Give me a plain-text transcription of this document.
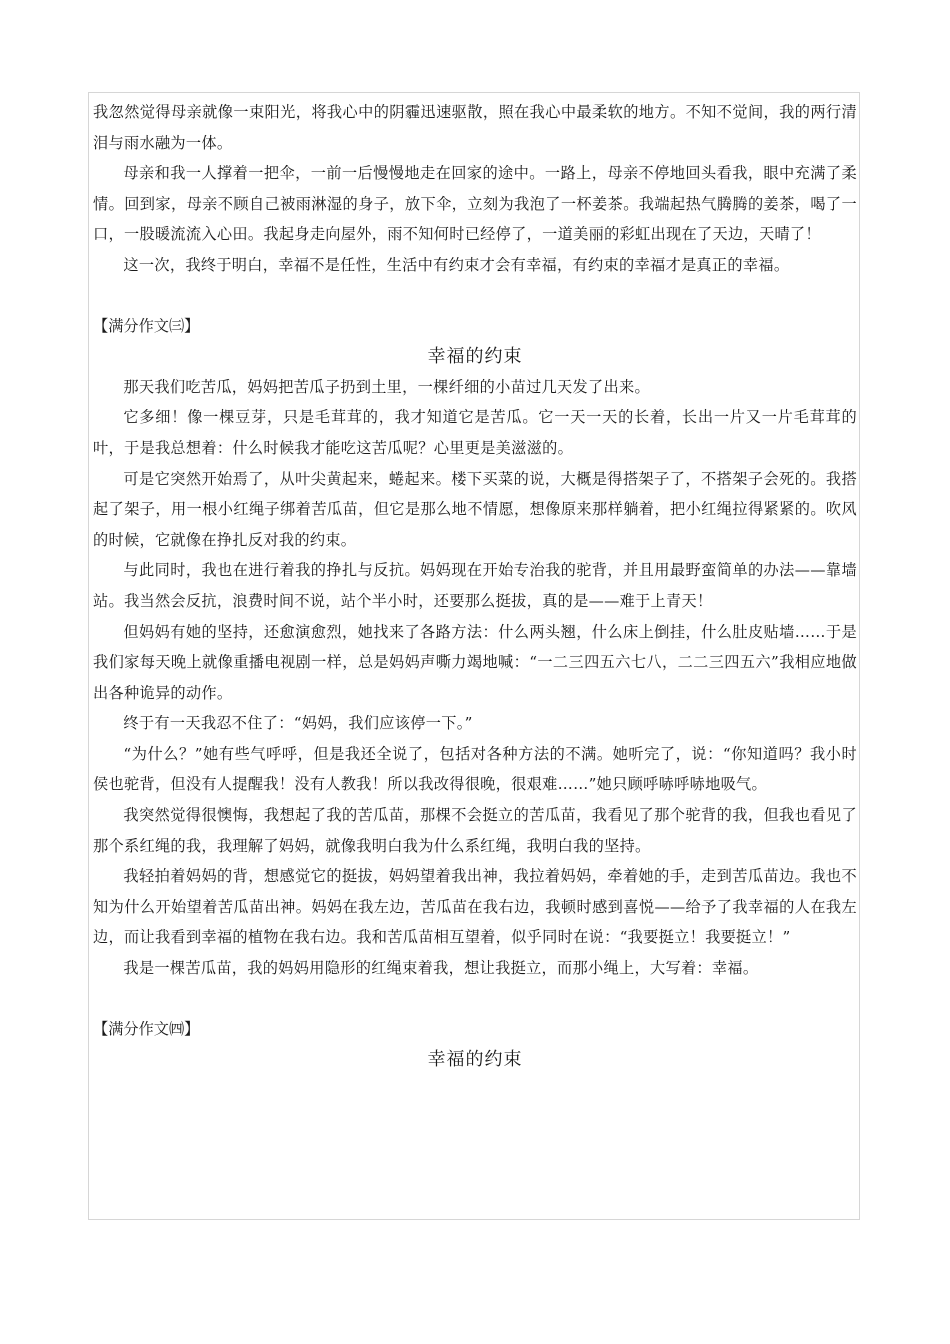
我忽然觉得母亲就像一束阳光，将我心中的阴霾迅速驱散，照在我心中最柔软的地方。不知不觉间，我的两行清泪与雨水融为一体。

母亲和我一人撑着一把伞，一前一后慢慢地走在回家的途中。一路上，母亲不停地回头看我，眼中充满了柔情。回到家，母亲不顾自己被雨淋湿的身子，放下伞，立刻为我泡了一杯姜茶。我端起热气腾腾的姜茶，喝了一口，一股暖流流入心田。我起身走向屋外，雨不知何时已经停了，一道美丽的彩虹出现在了天边，天晴了！

这一次，我终于明白，幸福不是任性，生活中有约束才会有幸福，有约束的幸福才是真正的幸福。

【满分作文㈢】
幸福的约束

那天我们吃苦瓜，妈妈把苦瓜子扔到土里，一棵纤细的小苗过几天发了出来。

它多细！像一棵豆芽，只是毛茸茸的，我才知道它是苦瓜。它一天一天的长着，长出一片又一片毛茸茸的叶，于是我总想着：什么时候我才能吃这苦瓜呢？心里更是美滋滋的。

可是它突然开始焉了，从叶尖黄起来，蜷起来。楼下买菜的说，大概是得搭架子了，不搭架子会死的。我搭起了架子，用一根小红绳子绑着苦瓜苗，但它是那么地不情愿，想像原来那样躺着，把小红绳拉得紧紧的。吹风的时候，它就像在挣扎反对我的约束。

与此同时，我也在进行着我的挣扎与反抗。妈妈现在开始专治我的驼背，并且用最野蛮简单的办法——靠墙站。我当然会反抗，浪费时间不说，站个半小时，还要那么挺拔，真的是——难于上青天！

但妈妈有她的坚持，还愈演愈烈，她找来了各路方法：什么两头翘，什么床上倒挂，什么肚皮贴墙……于是我们家每天晚上就像重播电视剧一样，总是妈妈声嘶力竭地喊：“一二三四五六七八，二二三四五六”我相应地做出各种诡异的动作。

终于有一天我忍不住了：“妈妈，我们应该停一下。”

“为什么？”她有些气呼呼，但是我还全说了，包括对各种方法的不满。她听完了，说：“你知道吗？我小时侯也驼背，但没有人提醒我！没有人教我！所以我改得很晚，很艰难……”她只顾呼哧呼哧地吸气。

我突然觉得很懊悔，我想起了我的苦瓜苗，那棵不会挺立的苦瓜苗，我看见了那个驼背的我，但我也看见了那个系红绳的我，我理解了妈妈，就像我明白我为什么系红绳，我明白我的坚持。

我轻拍着妈妈的背，想感觉它的挺拔，妈妈望着我出神，我拉着妈妈，牵着她的手，走到苦瓜苗边。我也不知为什么开始望着苦瓜苗出神。妈妈在我左边，苦瓜苗在我右边，我顿时感到喜悦——给予了我幸福的人在我左边，而让我看到幸福的植物在我右边。我和苦瓜苗相互望着，似乎同时在说：“我要挺立！我要挺立！”

我是一棵苦瓜苗，我的妈妈用隐形的红绳束着我，想让我挺立，而那小绳上，大写着：幸福。

【满分作文㈣】
幸福的约束
